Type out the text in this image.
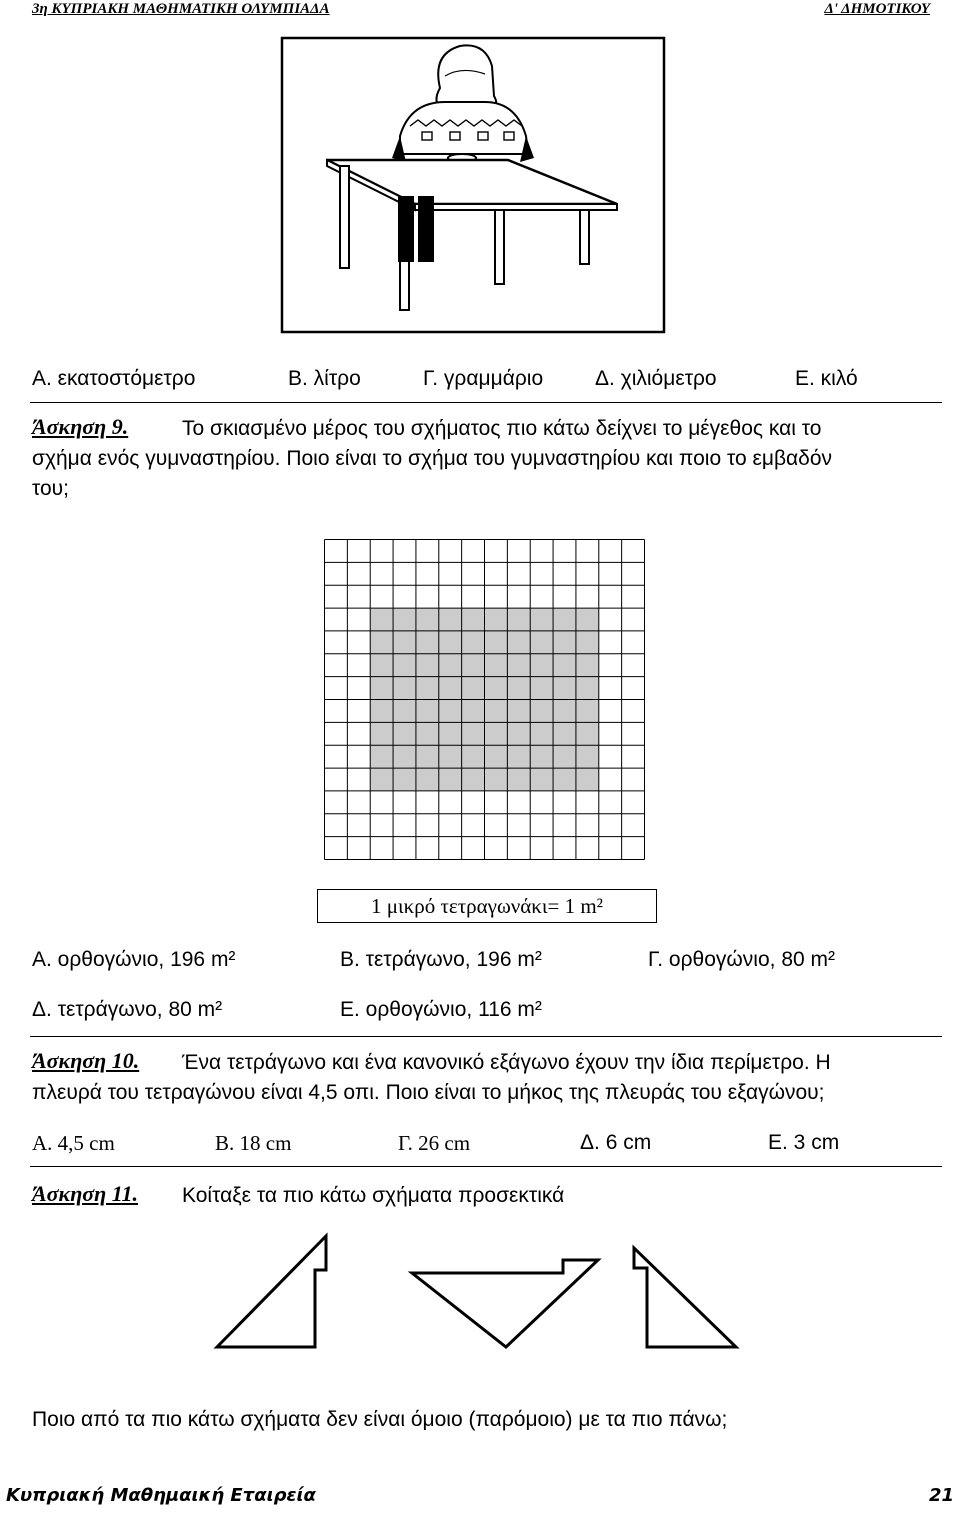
3η ΚΥΠΡΙΑΚΗ ΜΑΘΗΜΑΤΙΚΗ ΟΛΥΜΠΙΑΔΑ	Δ' ΔΗΜΟΤΙΚΟΥ
Α. εκατοστόμετρο	Β. λίτρο	Γ. γραμμάριο Δ. χιλιόμετρο	Ε. κιλό
Άσκηση 9.	Το σκιασμένο μέρος του σχήματος πιο κάτω δείχνει το μέγεθος και το
σχήμα ενός γυμναστηρίου. Ποιο είναι το σχήμα του γυμναστηρίου και ποιο το εμβαδόν
του;
1 μικρό τετραγωνάκι= 1 m²
Α. ορθογώνιο, 196 m²	Β. τετράγωνο, 196 m²	Γ. ορθογώνιο, 80 m²
Δ. τετράγωνο, 80 m²	Ε. ορθογώνιο, 116 m²
Άσκηση 10. Ένα τετράγωνο και ένα κανονικό εξάγωνο έχουν την ίδια περίμετρο. Η
πλευρά του τετραγώνου είναι 4,5 οπι. Ποιο είναι το μήκος της πλευράς του εξαγώνου;
Α. 4,5 cm	Β. 18 cm	Γ. 26 cm	Δ. 6 cm	Ε. 3 cm
Άσκηση 11. Κοίταξε τα πιο κάτω σχήματα προσεκτικά
Ποιο από τα πιο κάτω σχήματα δεν είναι όμοιο (παρόμοιο) με τα πιο πάνω;
Κυπριακή Μαθημαική Εταιρεία	21
